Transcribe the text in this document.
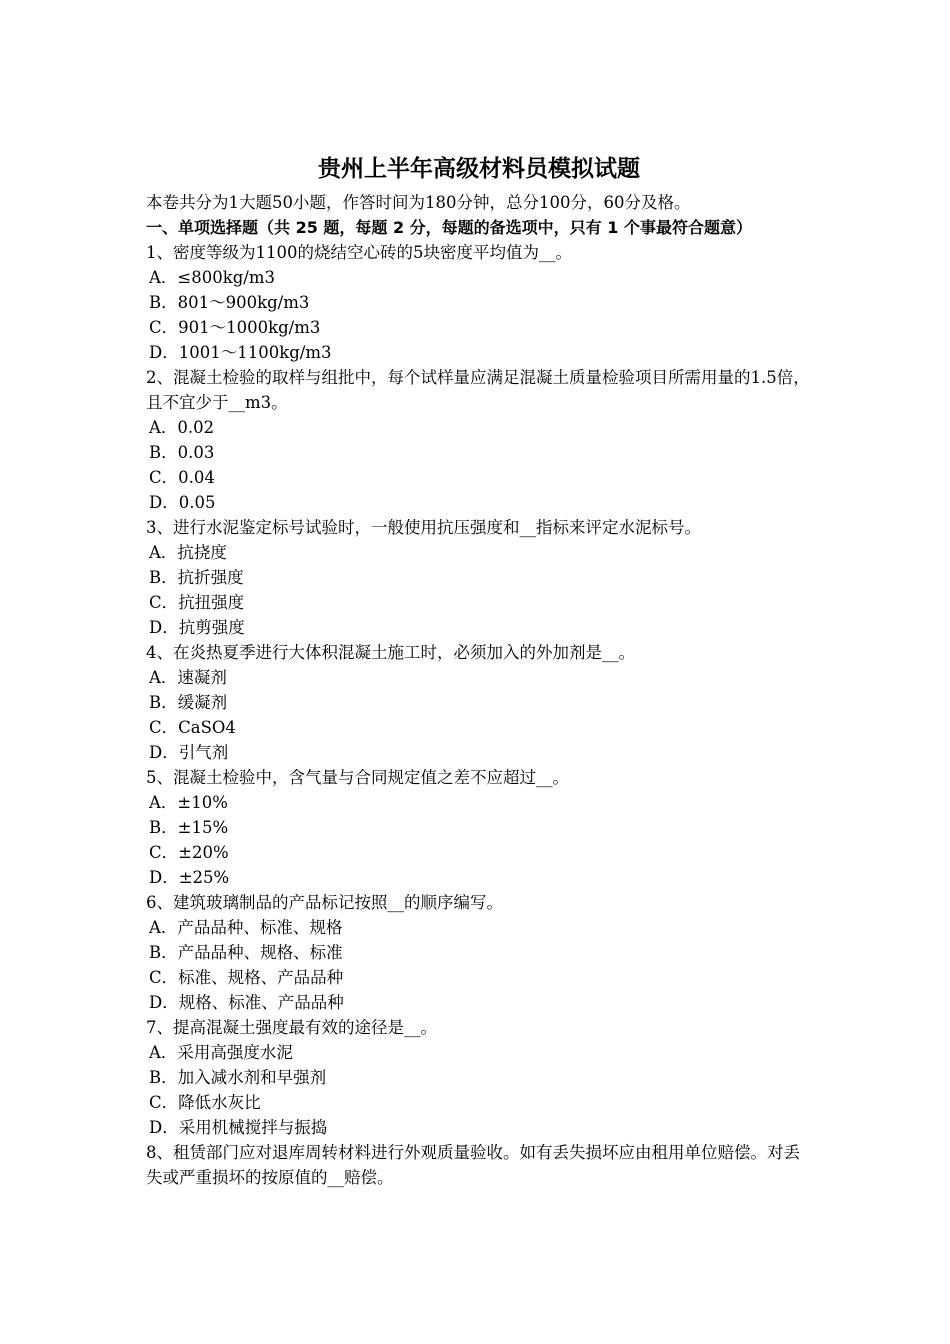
贵州上半年高级材料员模拟试题

本卷共分为1大题50小题，作答时间为180分钟，总分100分，60分及格。

一、单项选择题（共 25 题，每题 2 分，每题的备选项中，只有 1 个事最符合题意）

1、密度等级为1100的烧结空心砖的5块密度平均值为__。

A．≤800kg/m3

B．801～900kg/m3

C．901～1000kg/m3

D．1001～1100kg/m3

2、混凝土检验的取样与组批中，每个试样量应满足混凝土质量检验项目所需用量的1.5倍，且不宜少于__m3。

A．0.02

B．0.03

C．0.04

D．0.05

3、进行水泥鉴定标号试验时，一般使用抗压强度和__指标来评定水泥标号。

A．抗挠度

B．抗折强度

C．抗扭强度

D．抗剪强度

4、在炎热夏季进行大体积混凝土施工时，必须加入的外加剂是__。

A．速凝剂

B．缓凝剂

C．CaSO4

D．引气剂

5、混凝土检验中，含气量与合同规定值之差不应超过__。

A．±10%

B．±15%

C．±20%

D．±25%

6、建筑玻璃制品的产品标记按照__的顺序编写。

A．产品品种、标准、规格

B．产品品种、规格、标准

C．标准、规格、产品品种

D．规格、标准、产品品种

7、提高混凝土强度最有效的途径是__。

A．采用高强度水泥

B．加入减水剂和早强剂

C．降低水灰比

D．采用机械搅拌与振捣

8、租赁部门应对退库周转材料进行外观质量验收。如有丢失损坏应由租用单位赔偿。对丢失或严重损坏的按原值的__赔偿。
